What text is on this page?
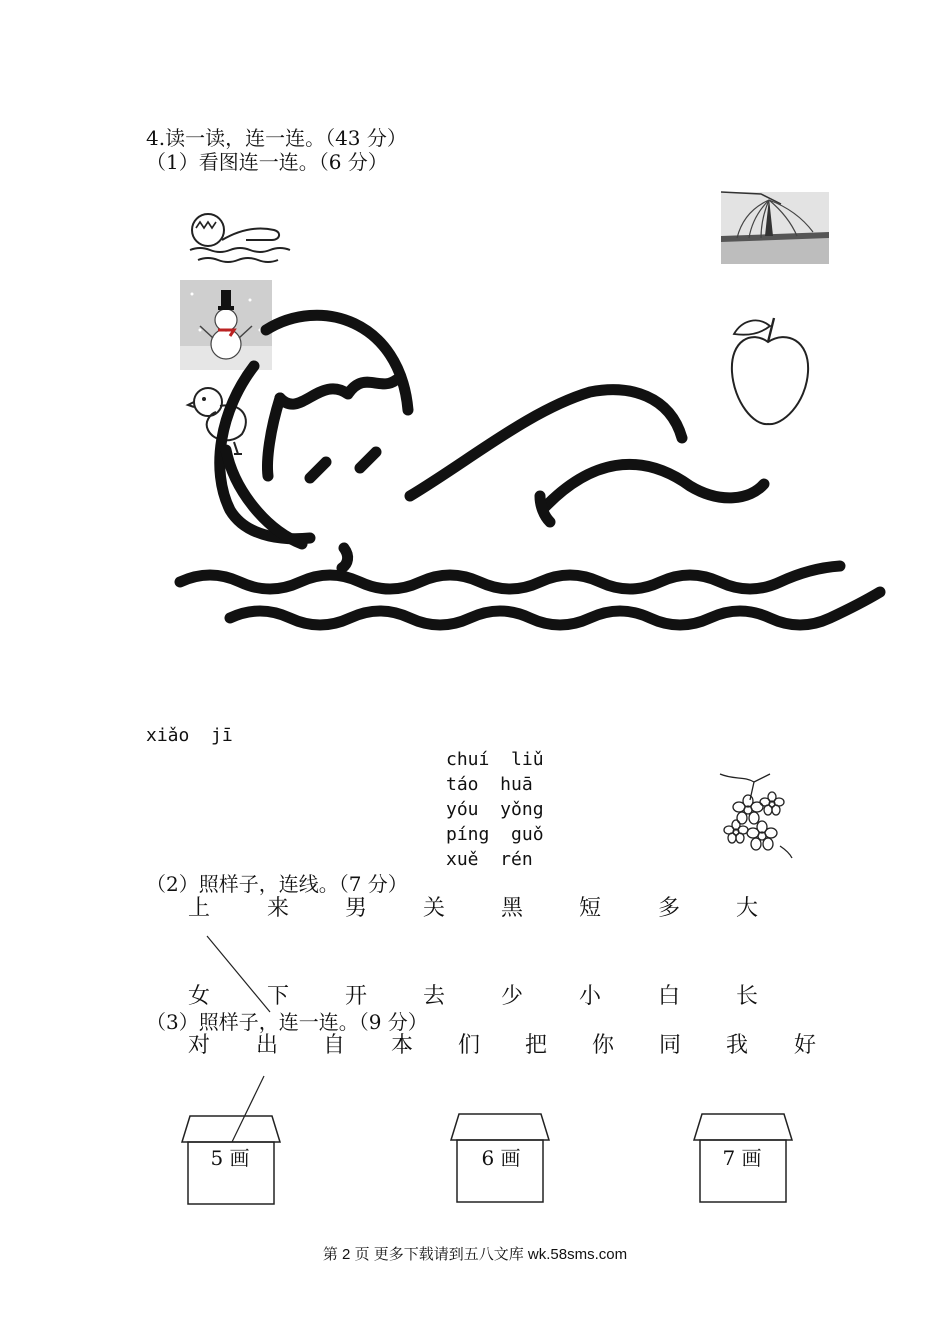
4.读一读，连一连。（43 分）
（1）看图连一连。（6 分）
xiǎo  jī
chuí  liǔ
táo  huā
yóu  yǒng
píng  guǒ
xuě  rén
（2）照样子，连线。（7 分）
上	来	男	关	黑	短	多	大
女	下	开	去	少	小	白	长
（3）照样子，连一连。（9 分）
对 出 自 本 们 把 你 同 我 好
5 画	6 画	7 画
第 2 页 更多下载请到五八文库 wk.58sms.com
